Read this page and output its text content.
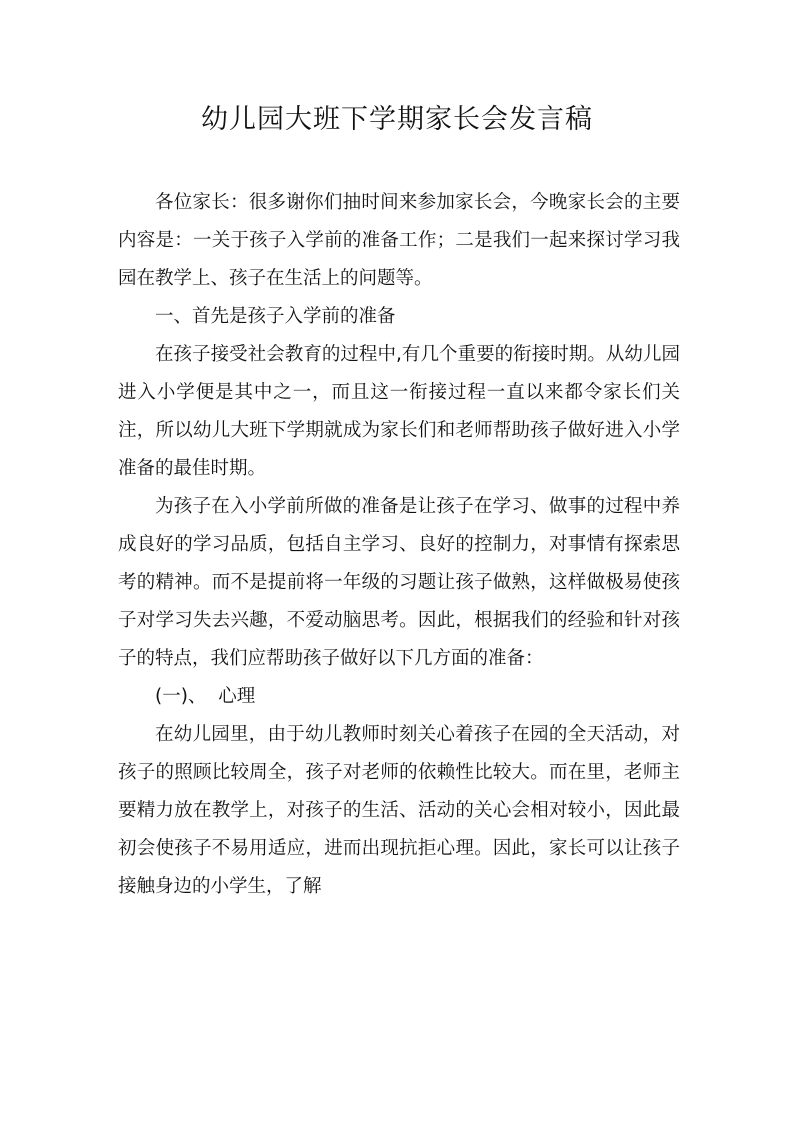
幼儿园大班下学期家长会发言稿

各位家长：很多谢你们抽时间来参加家长会，今晚家长会的主要内容是：一关于孩子入学前的准备工作；二是我们一起来探讨学习我园在教学上、孩子在生活上的问题等。

一、首先是孩子入学前的准备

在孩子接受社会教育的过程中,有几个重要的衔接时期。从幼儿园进入小学便是其中之一，而且这一衔接过程一直以来都令家长们关注，所以幼儿大班下学期就成为家长们和老师帮助孩子做好进入小学准备的最佳时期。

为孩子在入小学前所做的准备是让孩子在学习、做事的过程中养成良好的学习品质，包括自主学习、良好的控制力，对事情有探索思考的精神。而不是提前将一年级的习题让孩子做熟，这样做极易使孩子对学习失去兴趣，不爱动脑思考。因此，根据我们的经验和针对孩子的特点，我们应帮助孩子做好以下几方面的准备：

(一)、  心理

在幼儿园里，由于幼儿教师时刻关心着孩子在园的全天活动，对孩子的照顾比较周全，孩子对老师的依赖性比较大。而在里，老师主要精力放在教学上，对孩子的生活、活动的关心会相对较小，因此最初会使孩子不易用适应，进而出现抗拒心理。因此，家长可以让孩子接触身边的小学生，了解
